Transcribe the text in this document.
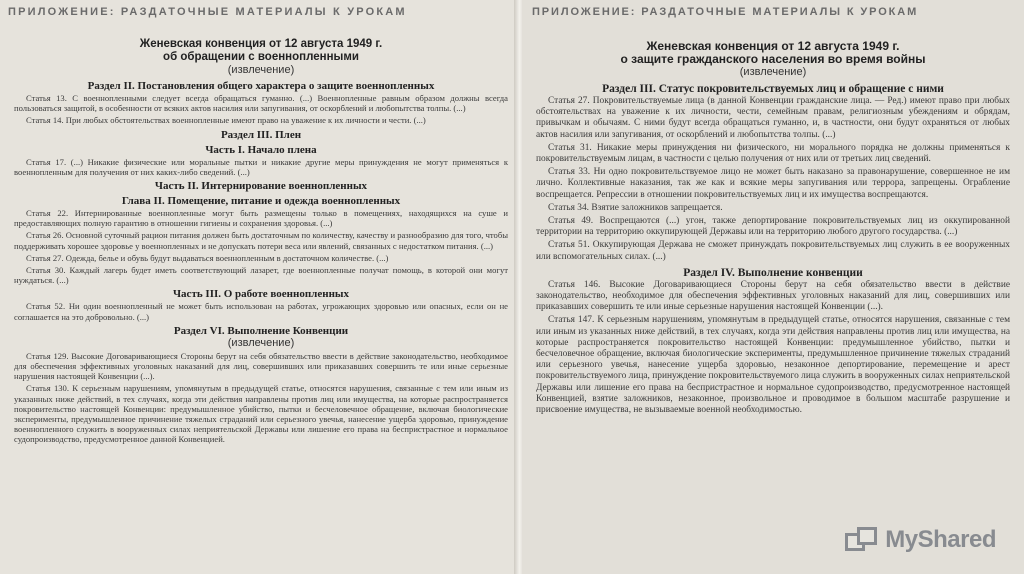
ПРИЛОЖЕНИЕ: РАЗДАТОЧНЫЕ МАТЕРИАЛЫ К УРОКАМ
Женевская конвенция от 12 августа 1949 г.
об обращении с военнопленными
(извлечение)
Раздел II. Постановления общего характера о защите военнопленных
Статья 13. С военнопленными следует всегда обращаться гуманно. (...) Военнопленные равным образом должны всегда пользоваться защитой, в особенности от всяких актов насилия или запугивания, от оскорблений и любопытства толпы. (...)
Статья 14. При любых обстоятельствах военнопленные имеют право на уважение к их личности и чести. (...)
Раздел III. Плен
Часть I. Начало плена
Статья 17. (...) Никакие физические или моральные пытки и никакие другие меры принуждения не могут применяться к военнопленным для получения от них каких-либо сведений. (...)
Часть II. Интернирование военнопленных
Глава II. Помещение, питание и одежда военнопленных
Статья 22. Интернированные военнопленные могут быть размещены только в помещениях, находящихся на суше и предоставляющих полную гарантию в отношении гигиены и сохранения здоровья. (...)
Статья 26. Основной суточный рацион питания должен быть достаточным по количеству, качеству и разнообразию для того, чтобы поддерживать хорошее здоровье у военнопленных и не допускать потери веса или явлений, связанных с недостатком питания. (...)
Статья 27. Одежда, белье и обувь будут выдаваться военнопленным в достаточном количестве. (...)
Статья 30. Каждый лагерь будет иметь соответствующий лазарет, где военнопленные получат помощь, в которой они могут нуждаться. (...)
Часть III. О работе военнопленных
Статья 52. Ни один военнопленный не может быть использован на работах, угрожающих здоровью или опасных, если он не соглашается на это добровольно. (...)
Раздел VI. Выполнение Конвенции
(извлечение)
Статья 129. Высокие Договаривающиеся Стороны берут на себя обязательство ввести в действие законодательство, необходимое для обеспечения эффективных уголовных наказаний для лиц, совершивших или приказавших совершить те или иные серьезные нарушения настоящей Конвенции (...).
Статья 130. К серьезным нарушениям, упомянутым в предыдущей статье, относятся нарушения, связанные с тем или иным из указанных ниже действий, в тех случаях, когда эти действия направлены против лиц или имущества, на которые распространяется покровительство настоящей Конвенции: предумышленное убийство, пытки и бесчеловечное обращение, включая биологические эксперименты, предумышленное причинение тяжелых страданий или серьезного увечья, нанесение ущерба здоровью, принуждение военнопленного служить в вооруженных силах неприятельской Державы или лишение его права на беспристрастное и нормальное судопроизводство, предусмотренное данной Конвенцией.
ПРИЛОЖЕНИЕ: РАЗДАТОЧНЫЕ МАТЕРИАЛЫ К УРОКАМ
Женевская конвенция от 12 августа 1949 г.
о защите гражданского населения во время войны
(извлечение)
Раздел III. Статус покровительствуемых лиц и обращение с ними
Статья 27. Покровительствуемые лица (в данной Конвенции гражданские лица. — Ред.) имеют право при любых обстоятельствах на уважение к их личности, чести, семейным правам, религиозным убеждениям и обрядам, привычкам и обычаям. С ними будут всегда обращаться гуманно, и, в частности, они будут охраняться от любых актов насилия или запугивания, от оскорблений и любопытства толпы. (...)
Статья 31. Никакие меры принуждения ни физического, ни морального порядка не должны применяться к покровительствуемым лицам, в частности с целью получения от них или от третьих лиц сведений.
Статья 33. Ни одно покровительствуемое лицо не может быть наказано за правонарушение, совершенное не им лично. Коллективные наказания, так же как и всякие меры запугивания или террора, запрещены. Ограбление воспрещается. Репрессии в отношении покровительствуемых лиц и их имущества воспрещаются.
Статья 34. Взятие заложников запрещается.
Статья 49. Воспрещаются (...) угон, также депортирование покровительствуемых лиц из оккупированной территории на территорию оккупирующей Державы или на территорию любого другого государства. (...)
Статья 51. Оккупирующая Держава не сможет принуждать покровительствуемых лиц служить в ее вооруженных или вспомогательных силах. (...)
Раздел IV. Выполнение конвенции
Статья 146. Высокие Договаривающиеся Стороны берут на себя обязательство ввести в действие законодательство, необходимое для обеспечения эффективных уголовных наказаний для лиц, совершивших или приказавших совершить те или иные серьезные нарушения настоящей Конвенции (...).
Статья 147. К серьезным нарушениям, упомянутым в предыдущей статье, относятся нарушения, связанные с тем или иным из указанных ниже действий, в тех случаях, когда эти действия направлены против лиц или имущества, на которые распространяется покровительство настоящей Конвенции: предумышленное убийство, пытки и бесчеловечное обращение, включая биологические эксперименты, предумышленное причинение тяжелых страданий или серьезного увечья, нанесение ущерба здоровью, незаконное депортирование, перемещение и арест покровительствуемого лица, принуждение покровительствуемого лица служить в вооруженных силах неприятельской Державы или лишение его права на беспристрастное и нормальное судопроизводство, предусмотренное настоящей Конвенцией, взятие заложников, незаконное, произвольное и проводимое в большом масштабе разрушение и присвоение имущества, не вызываемые военной необходимостью.
MyShared
